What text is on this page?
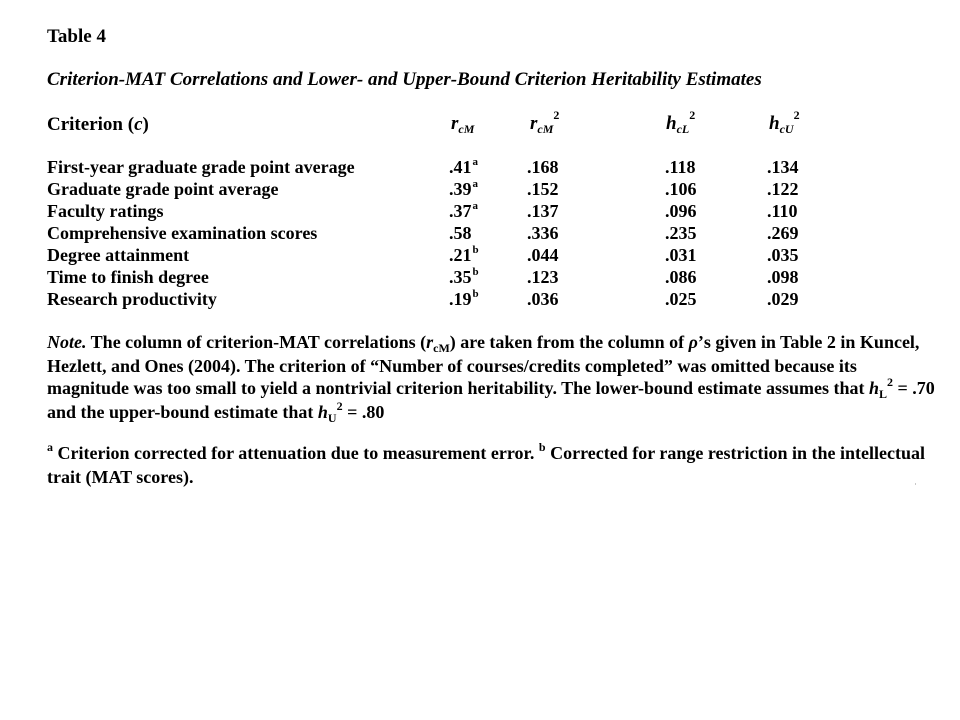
Table 4
Criterion-MAT Correlations and Lower- and Upper-Bound Criterion Heritability Estimates
Criterion (c)	$r_{cM}$	$r_{cM}^2$	$h_{cL}^2$	$h_{cU}^2$
First-year graduate grade point average	.41$^a$	.168	.118	.134
Graduate grade point average	.39$^a$	.152	.106	.122
Faculty ratings	.37$^a$	.137	.096	.110
Comprehensive examination scores	.58	.336	.235	.269
Degree attainment	.21$^b$	.044	.031	.035
Time to finish degree	.35$^b$	.123	.086	.098
Research productivity	.19$^b$	.036	.025	.029
Note. The column of criterion-MAT correlations $(r_{cM})$ are taken from the column of ρ’s given in Table 2 in Kuncel, Hezlett, and Ones (2004). The criterion of “Number of courses/credits completed” was omitted because its magnitude was too small to yield a nontrivial criterion heritability. The lower-bound estimate assumes that $h_L^2 = .70$ and the upper-bound estimate that $h_U^2 = .80$
$^a$ Criterion corrected for attenuation due to measurement error. $^b$ Corrected for range restriction in the intellectual trait (MAT scores).
